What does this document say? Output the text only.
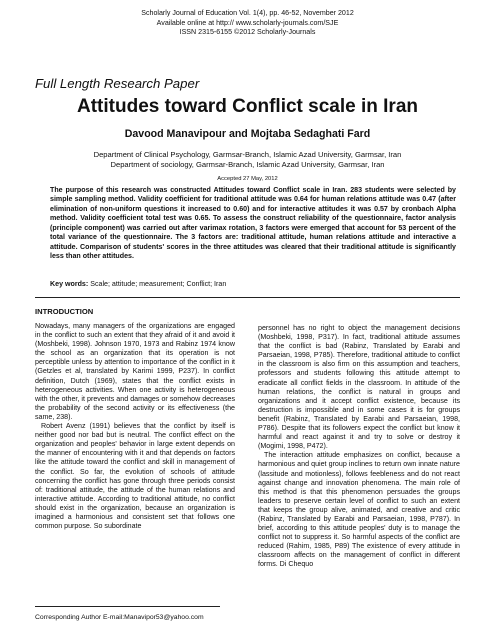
Scholarly Journal of Education Vol. 1(4), pp. 46-52, November 2012
Available online at http:// www.scholarly-journals.com/SJE
ISSN 2315-6155 ©2012 Scholarly-Journals
Full Length Research Paper
Attitudes toward Conflict scale in Iran
Davood Manavipour and Mojtaba Sedaghati Fard
Department of Clinical Psychology, Garmsar-Branch, Islamic Azad University, Garmsar, Iran
Department of sociology, Garmsar-Branch, Islamic Azad University, Garmsar, Iran
Accepted 27 May, 2012
The purpose of this research was constructed Attitudes toward Conflict scale in Iran. 283 students were selected by simple sampling method. Validity coefficient for traditional attitude was 0.64 for human relations attitude was 0.47 (after elimination of non-uniform questions it increased to 0.60) and for interactive attitudes it was 0.57 by cronbach Alpha method. Validity coefficient total test was 0.65. To assess the construct reliability of the questionnaire, factor analysis (principle component) was carried out after varimax rotation, 3 factors were emerged that account for 53 percent of the total variance of the questionnaire. The 3 factors are: traditional attitude, human relations attitude and interactive a attitude. Comparison of students' scores in the three attitudes was cleared that their traditional attitude is significantly less than other attitudes.
Key words: Scale; attitude; measurement; Conflict; Iran
INTRODUCTION

Nowadays, many managers of the organizations are engaged in the conflict to such an extent that they afraid of it and avoid it (Moshbeki, 1998). Johnson 1970, 1973 and Rabinz 1974 know the school as an organization that its operation is not perceptible unless by attention to importance of the conflict in it (Getzles et al, translated by Karimi 1999, P237). In conflict definition, Dutch (1969), states that the conflict exists in heterogeneous activities. When one activity is heterogeneous with the other, it prevents and damages or somehow decreases the probability of the second activity or its effectiveness (the same, 238).

Robert Avenz (1991) believes that the conflict by itself is neither good nor bad but is neutral. The conflict effect on the organization and peoples' behavior in large extent depends on the manner of encountering with it and that depends on factors like the attitude toward the conflict and skill in management of the conflict. So far, the evolution of schools of attitude concerning the conflict has gone through three periods consist of: traditional attitude, the attitude of the human relations and interactive attitude. According to traditional attitude, no conflict should exist in the organization, because an organization is imagined a harmonious and consistent set that follows one common purpose. So subordinate

personnel has no right to object the management decisions (Moshbeki, 1998, P317). In fact, traditional attitude assumes that the conflict is bad (Rabinz, Translated by Earabi and Parsaeian, 1998, P785). Therefore, traditional attitude to conflict in the classroom is also firm on this assumption and teachers, professors and students following this attitude attempt to eradicate all conflict fields in the classroom. In attitude of the human relations, the conflict is natural in groups and organizations and it accept conflict existence, because its destruction is impossible and in some cases it is for groups benefit (Rabinz, Translated by Earabi and Parsaeian, 1998, P786). Despite that its followers expect the conflict but know it harmful and react against it and try to solve or destroy it (Mogimi, 1998, P472).

The interaction attitude emphasizes on conflict, because a harmonious and quiet group inclines to return own innate nature (lassitude and motionless), follows feebleness and do not react against change and innovation phenomena. The main role of this method is that this phenomenon persuades the groups leaders to preserve certain level of conflict to such an extent that keeps the group alive, animated, and creative and critic (Rabinz, Translated by Earabi and Parsaeian, 1998, P787). In brief, according to this attitude peoples' duty is to manage the conflict not to suppress it. So harmful aspects of the conflict are reduced (Rahim, 1985, P89) The existence of every attitude in classroom affects on the management of conflict in different forms. Di Chequo

Corresponding Author E-mail:Manavipor53@yahoo.com
